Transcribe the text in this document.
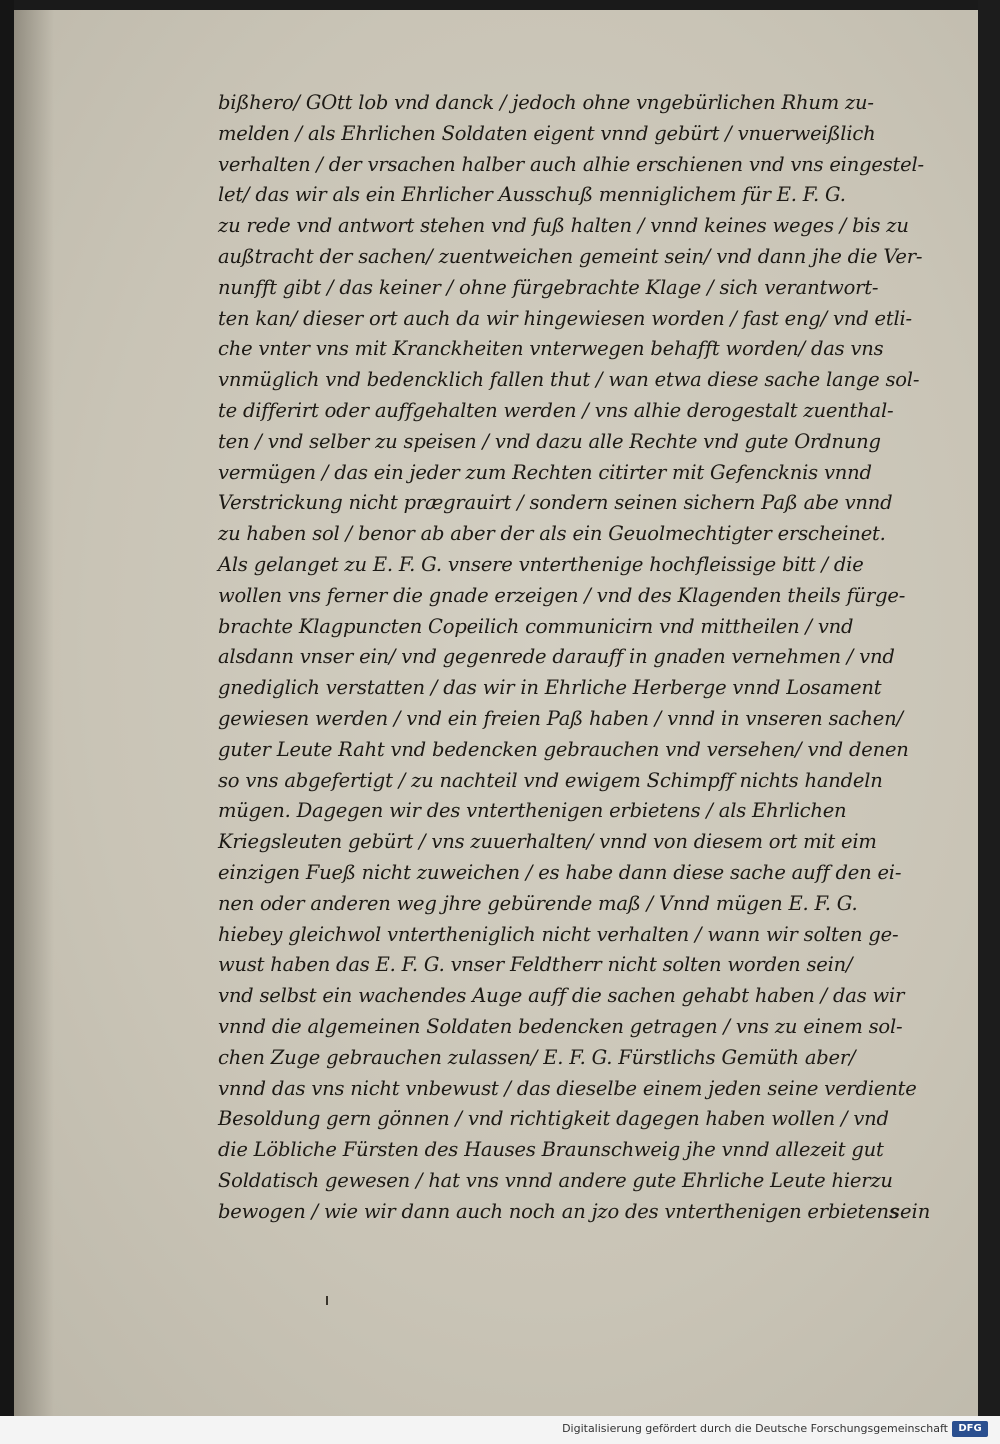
bißhero/ GOtt lob vnd danck / jedoch ohne vngebürlichen Rhum zu-
melden / als Ehrlichen Soldaten eigent vnnd gebürt / vnuerweißlich
verhalten / der vrsachen halber auch alhie erschienen vnd vns eingestel-
let/ das wir als ein Ehrlicher Ausschuß menniglichem für E. F. G.
zu rede vnd antwort stehen vnd fuß halten / vnnd keines weges / bis zu
außtracht der sachen/ zuentweichen gemeint sein/ vnd dann jhe die Ver-
nunfft gibt / das keiner / ohne fürgebrachte Klage / sich verantwort-
ten kan/ dieser ort auch da wir hingewiesen worden / fast eng/ vnd etli-
che vnter vns mit Kranckheiten vnterwegen behafft worden/ das vns
vnmüglich vnd bedencklich fallen thut / wan etwa diese sache lange sol-
te differirt oder auffgehalten werden / vns alhie derogestalt zuenthal-
ten / vnd selber zu speisen / vnd dazu alle Rechte vnd gute Ordnung
vermügen / das ein jeder zum Rechten citirter mit Gefencknis vnnd
Verstrickung nicht prægrauirt / sondern seinen sichern Paß abe vnnd
zu haben sol / benor ab aber der als ein Geuolmechtigter erscheinet.
Als gelanget zu E. F. G. vnsere vnterthenige hochfleissige bitt / die
wollen vns ferner die gnade erzeigen / vnd des Klagenden theils fürge-
brachte Klagpuncten Copeilich communicirn vnd mittheilen / vnd
alsdann vnser ein/ vnd gegenrede darauff in gnaden vernehmen / vnd
gnediglich verstatten / das wir in Ehrliche Herberge vnnd Losament
gewiesen werden / vnd ein freien Paß haben / vnnd in vnseren sachen/
guter Leute Raht vnd bedencken gebrauchen vnd versehen/ vnd denen
so vns abgefertigt / zu nachteil vnd ewigem Schimpff nichts handeln
mügen. Dagegen wir des vnterthenigen erbietens / als Ehrlichen
Kriegsleuten gebürt / vns zuuerhalten/ vnnd von diesem ort mit eim
einzigen Fueß nicht zuweichen / es habe dann diese sache auff den ei-
nen oder anderen weg jhre gebürende maß / Vnnd mügen E. F. G.
hiebey gleichwol vntertheniglich nicht verhalten / wann wir solten ge-
wust haben das E. F. G. vnser Feldtherr nicht solten worden sein/
vnd selbst ein wachendes Auge auff die sachen gehabt haben / das wir
vnnd die algemeinen Soldaten bedencken getragen / vns zu einem sol-
chen Zuge gebrauchen zulassen/ E. F. G. Fürstlichs Gemüth aber/
vnnd das vns nicht vnbewust / das dieselbe einem jeden seine verdiente
Besoldung gern gönnen / vnd richtigkeit dagegen haben wollen / vnd
die Löbliche Fürsten des Hauses Braunschweig jhe vnnd allezeit gut
Soldatisch gewesen / hat vns vnnd andere gute Ehrliche Leute hierzu
bewogen / wie wir dann auch noch an jzo des vnterthenigen erbietens
sein
Digitalisierung gefördert durch die Deutsche Forschungsgemeinschaft	DFG
